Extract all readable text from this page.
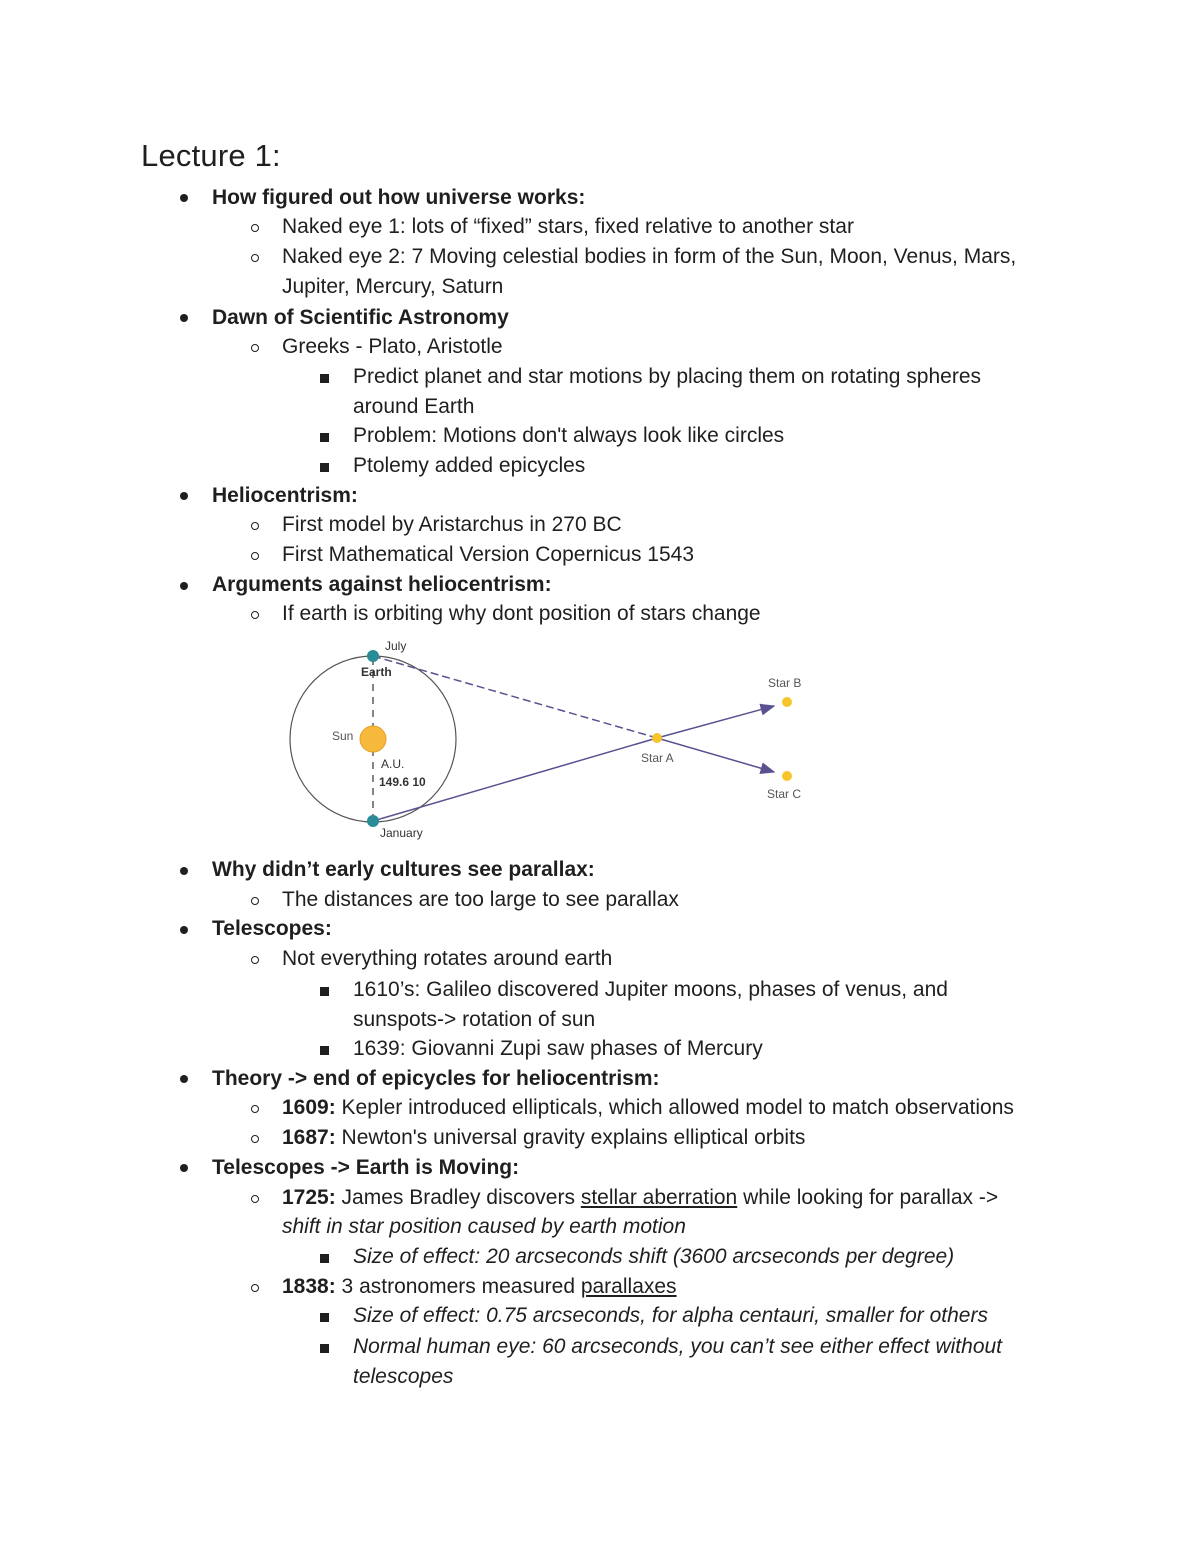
Lecture 1:
How figured out how universe works:
Naked eye 1: lots of “fixed” stars, fixed relative to another star
Naked eye 2: 7 Moving celestial bodies in form of the Sun, Moon, Venus, Mars,
Jupiter, Mercury, Saturn
Dawn of Scientific Astronomy
Greeks - Plato, Aristotle
Predict planet and star motions by placing them on rotating spheres
around Earth
Problem: Motions don't always look like circles
Ptolemy added epicycles
Heliocentrism:
First model by Aristarchus in 270 BC
First Mathematical Version Copernicus 1543
Arguments against heliocentrism:
If earth is orbiting why dont position of stars change
July
Earth
Sun
A.U.
149.6 10
January
Star A
Star B
Star C
Why didn’t early cultures see parallax:
The distances are too large to see parallax
Telescopes:
Not everything rotates around earth
1610’s: Galileo discovered Jupiter moons, phases of venus, and
sunspots-> rotation of sun
1639: Giovanni Zupi saw phases of Mercury
Theory -> end of epicycles for heliocentrism:
1609: Kepler introduced ellipticals, which allowed model to match observations
1687: Newton's universal gravity explains elliptical orbits
Telescopes -> Earth is Moving:
1725: James Bradley discovers stellar aberration while looking for parallax ->
shift in star position caused by earth motion
Size of effect: 20 arcseconds shift (3600 arcseconds per degree)
1838: 3 astronomers measured parallaxes
Size of effect: 0.75 arcseconds, for alpha centauri, smaller for others
Normal human eye: 60 arcseconds, you can’t see either effect without
telescopes
